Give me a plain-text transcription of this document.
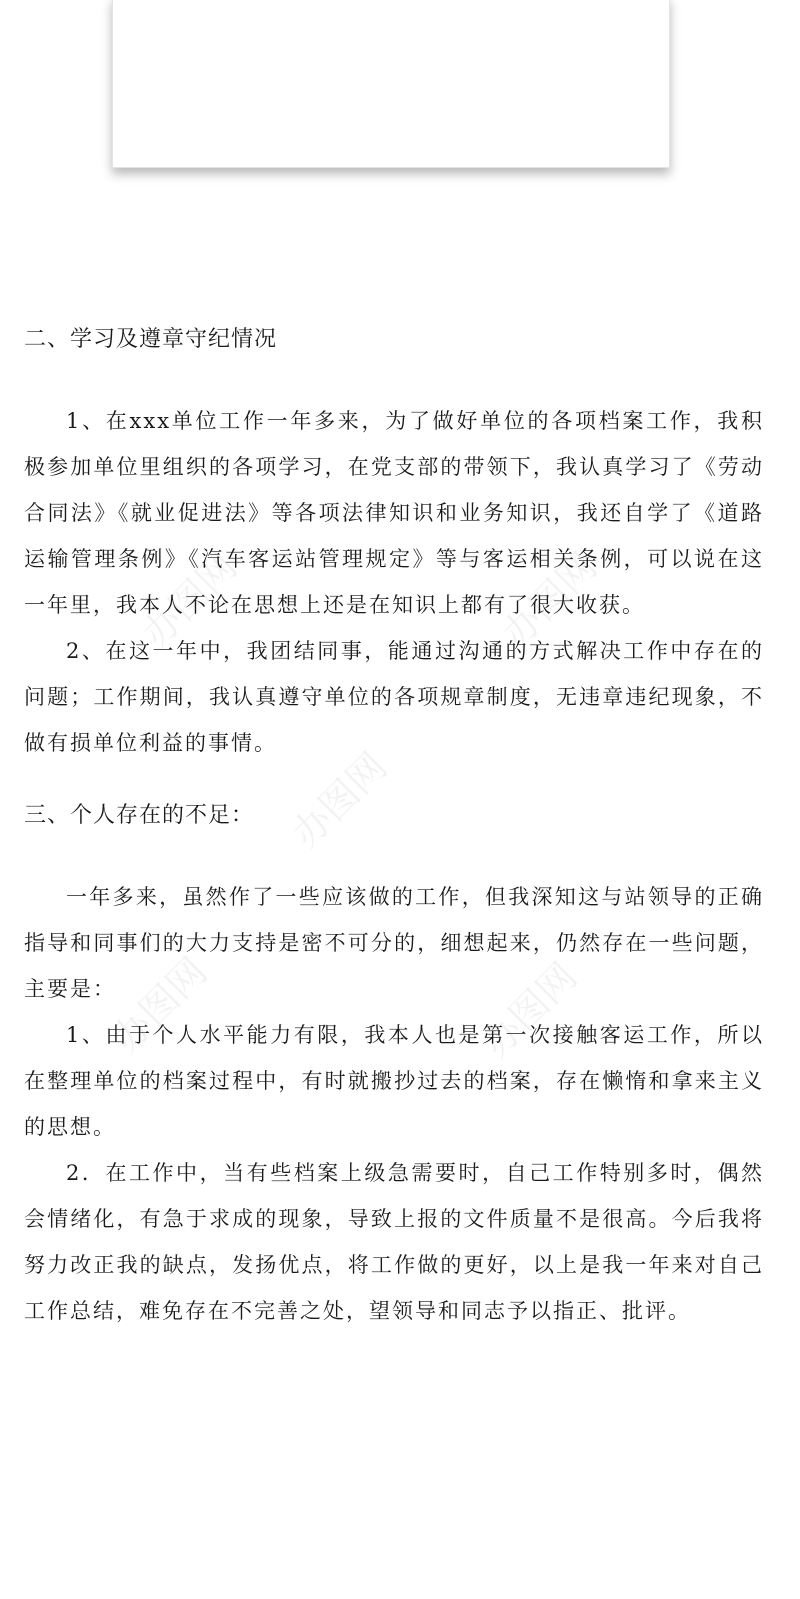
办图网	办图网
办图网
办图网	办图网
二、学习及遵章守纪情况

1、在xxx单位工作一年多来，为了做好单位的各项档案工作，我积极参加单位里组织的各项学习，在党支部的带领下，我认真学习了《劳动合同法》《就业促进法》等各项法律知识和业务知识，我还自学了《道路运输管理条例》《汽车客运站管理规定》等与客运相关条例，可以说在这一年里，我本人不论在思想上还是在知识上都有了很大收获。

2、在这一年中，我团结同事，能通过沟通的方式解决工作中存在的问题；工作期间，我认真遵守单位的各项规章制度，无违章违纪现象，不做有损单位利益的事情。

三、个人存在的不足：

一年多来，虽然作了一些应该做的工作，但我深知这与站领导的正确指导和同事们的大力支持是密不可分的，细想起来，仍然存在一些问题，主要是：

1、由于个人水平能力有限，我本人也是第一次接触客运工作，所以在整理单位的档案过程中，有时就搬抄过去的档案，存在懒惰和拿来主义的思想。

2．在工作中，当有些档案上级急需要时，自己工作特别多时，偶然会情绪化，有急于求成的现象，导致上报的文件质量不是很高。今后我将努力改正我的缺点，发扬优点，将工作做的更好，以上是我一年来对自己工作总结，难免存在不完善之处，望领导和同志予以指正、批评。
